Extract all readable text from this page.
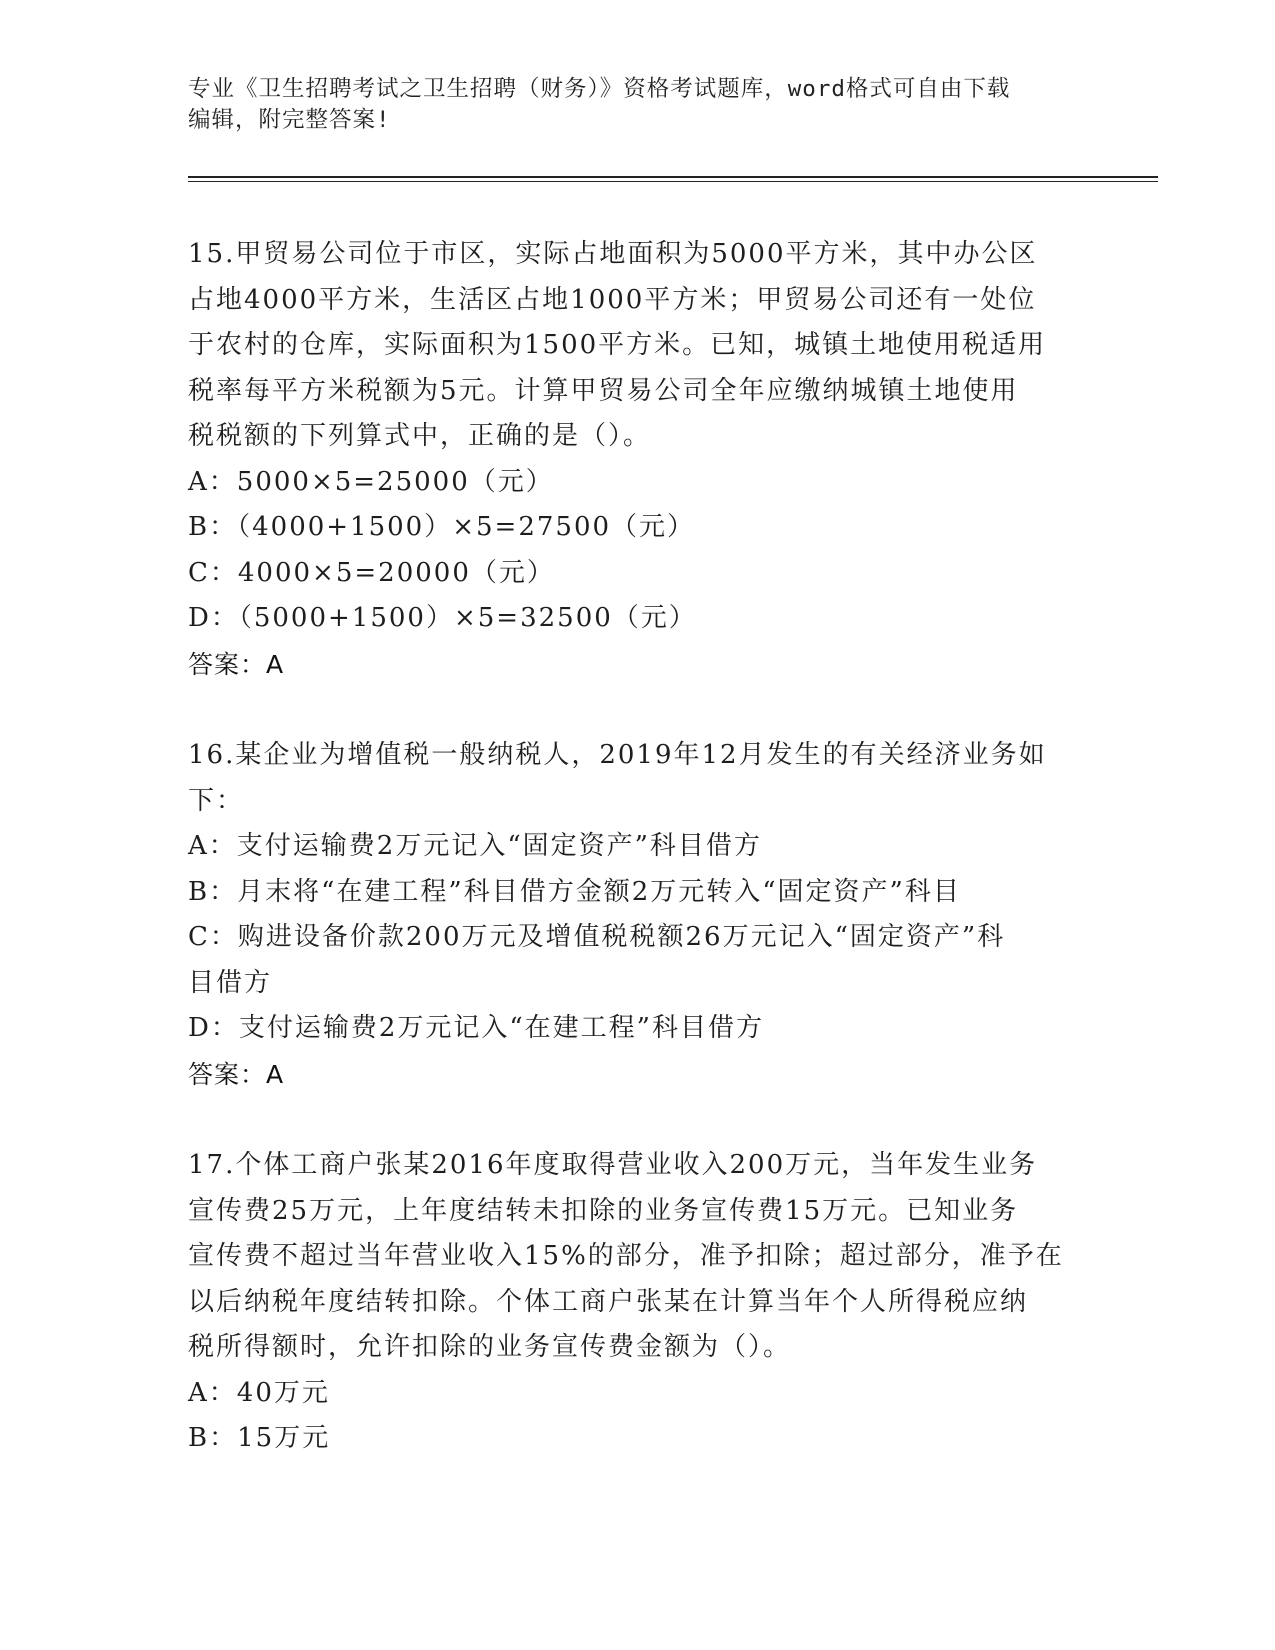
专业《卫生招聘考试之卫生招聘（财务）》资格考试题库，word格式可自由下载

编辑，附完整答案!

15.甲贸易公司位于市区，实际占地面积为5000平方米，其中办公区
占地4000平方米，生活区占地1000平方米；甲贸易公司还有一处位
于农村的仓库，实际面积为1500平方米。已知，城镇土地使用税适用
税率每平方米税额为5元。计算甲贸易公司全年应缴纳城镇土地使用
税税额的下列算式中，正确的是（）。
A：5000×5=25000（元）
B：（4000+1500）×5=27500（元）
C：4000×5=20000（元）
D：（5000+1500）×5=32500（元）
答案：A
16.某企业为增值税一般纳税人，2019年12月发生的有关经济业务如
下：
A：支付运输费2万元记入“固定资产”科目借方
B：月末将“在建工程”科目借方金额2万元转入“固定资产”科目
C：购进设备价款200万元及增值税税额26万元记入“固定资产”科
目借方
D：支付运输费2万元记入“在建工程”科目借方
答案：A
17.个体工商户张某2016年度取得营业收入200万元，当年发生业务
宣传费25万元，上年度结转未扣除的业务宣传费15万元。已知业务
宣传费不超过当年营业收入15%的部分，准予扣除；超过部分，准予在
以后纳税年度结转扣除。个体工商户张某在计算当年个人所得税应纳
税所得额时，允许扣除的业务宣传费金额为（）。
A：40万元
B：15万元
